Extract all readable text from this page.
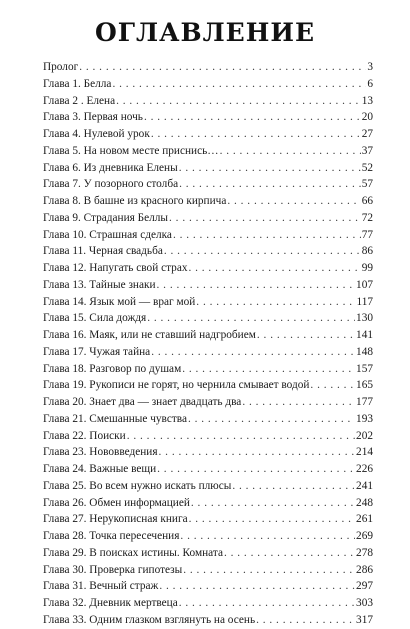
ОГЛАВЛЕНИЕ
Пролог . . .	3
Глава 1. Белла . . .	6
Глава 2 . Елена . . .	13
Глава 3. Первая ночь . . .	20
Глава 4. Нулевой урок . . .	27
Глава 5. На новом месте приснись… . . .	37
Глава 6. Из дневника Елены . . .	52
Глава 7. У позорного столба . . .	57
Глава 8. В башне из красного кирпича . . .	66
Глава 9. Страдания Беллы . . .	72
Глава 10. Страшная сделка . . .	77
Глава 11. Черная свадьба . . .	86
Глава 12. Напугать свой страх . . .	99
Глава 13. Тайные знаки . . .	107
Глава 14. Язык мой — враг мой . . .	117
Глава 15. Сила дождя . . .	130
Глава 16. Маяк, или не ставший надгробием . . .	141
Глава 17. Чужая тайна . . .	148
Глава 18. Разговор по душам . . .	157
Глава 19. Рукописи не горят, но чернила смывает водой . . .	165
Глава 20. Знает два — знает двадцать два . . .	177
Глава 21. Смешанные чувства . . .	193
Глава 22. Поиски . . .	202
Глава 23. Нововведения . . .	214
Глава 24. Важные вещи . . .	226
Глава 25. Во всем нужно искать плюсы . . .	241
Глава 26. Обмен информацией . . .	248
Глава 27. Нерукописная книга . . .	261
Глава 28. Точка пересечения . . .	269
Глава 29. В поисках истины. Комната . . .	278
Глава 30. Проверка гипотезы . . .	286
Глава 31. Вечный страж . . .	297
Глава 32. Дневник мертвеца . . .	303
Глава 33. Одним глазком взглянуть на осень . . .	317
